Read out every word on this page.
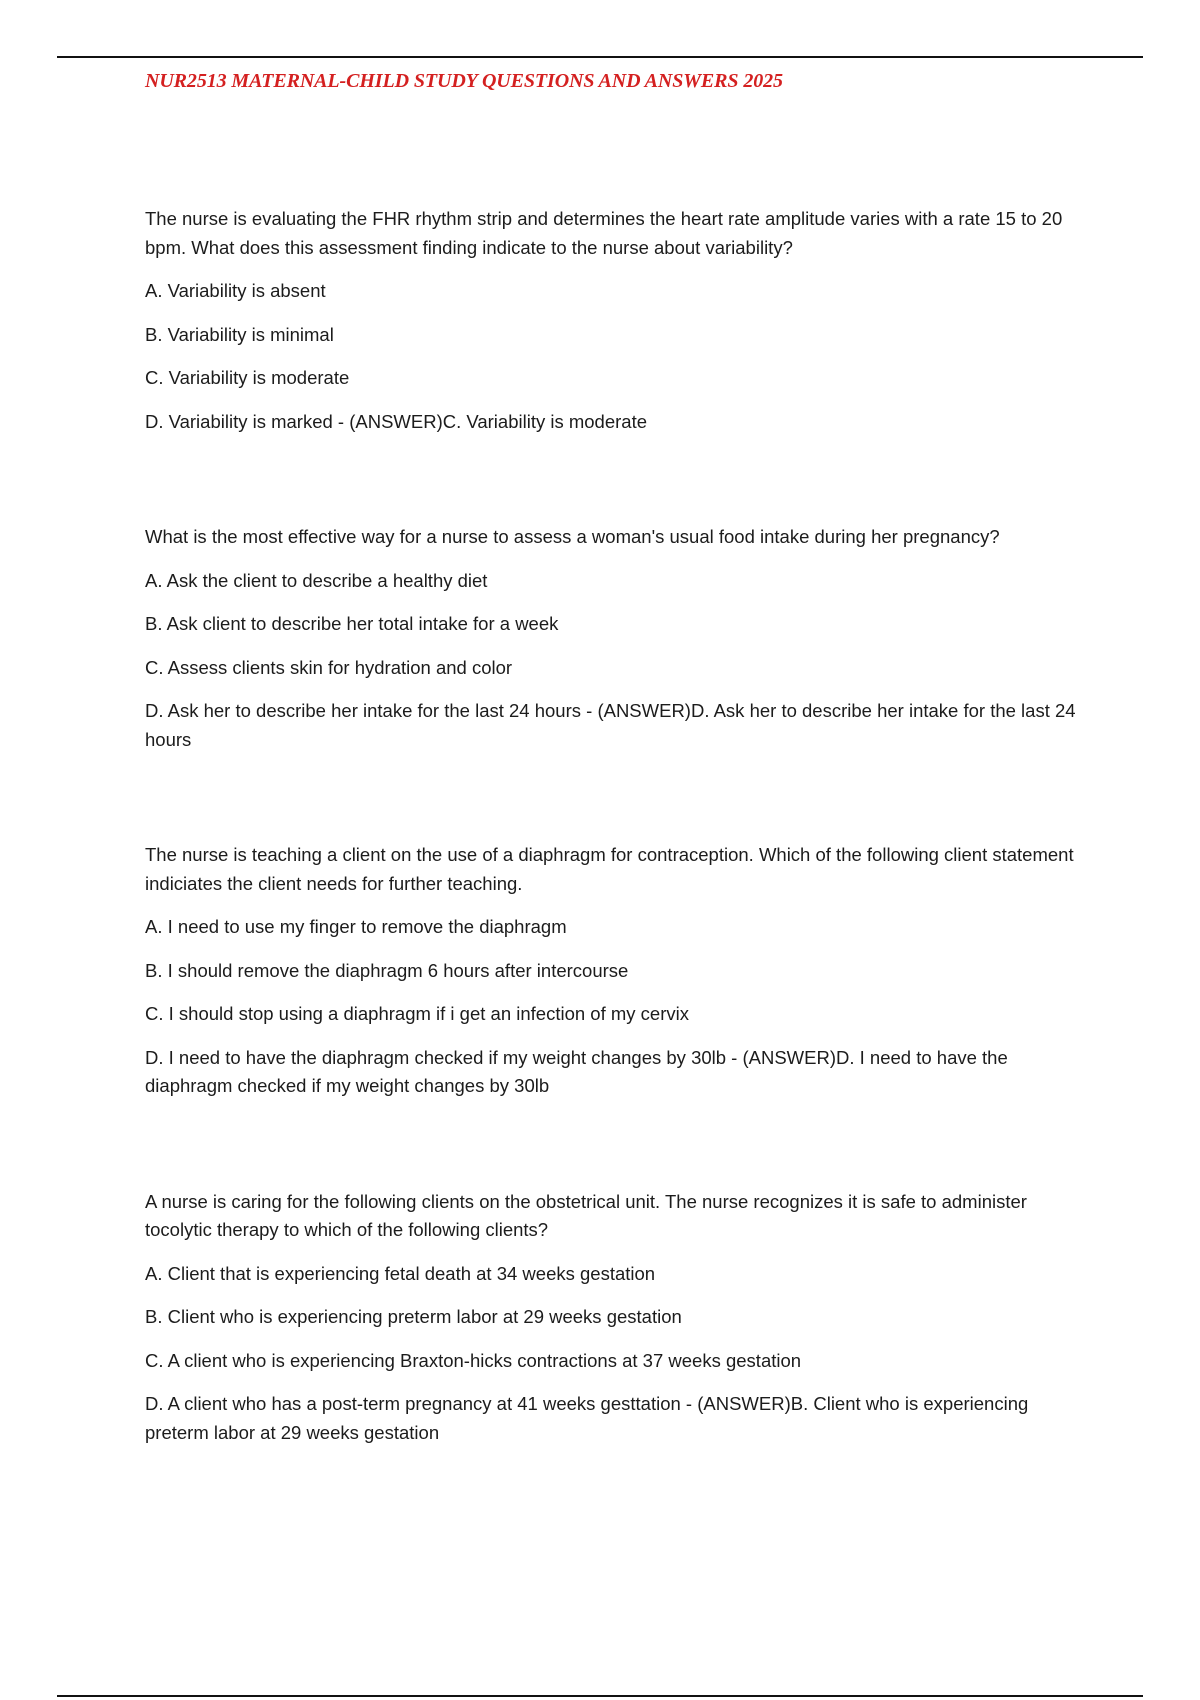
NUR2513 MATERNAL-CHILD STUDY QUESTIONS AND ANSWERS 2025

The nurse is evaluating the FHR rhythm strip and determines the heart rate amplitude varies with a rate 15 to 20 bpm. What does this assessment finding indicate to the nurse about variability?

A. Variability is absent

B. Variability is minimal

C. Variability is moderate

D. Variability is marked - (ANSWER)C. Variability is moderate

What is the most effective way for a nurse to assess a woman's usual food intake during her pregnancy?

A. Ask the client to describe a healthy diet

B. Ask client to describe her total intake for a week

C. Assess clients skin for hydration and color

D. Ask her to describe her intake for the last 24 hours - (ANSWER)D. Ask her to describe her intake for the last 24 hours

The nurse is teaching a client on the use of a diaphragm for contraception. Which of the following client statement indiciates the client needs for further teaching.

A. I need to use my finger to remove the diaphragm

B. I should remove the diaphragm 6 hours after intercourse

C. I should stop using a diaphragm if i get an infection of my cervix

D. I need to have the diaphragm checked if my weight changes by 30lb - (ANSWER)D. I need to have the diaphragm checked if my weight changes by 30lb

A nurse is caring for the following clients on the obstetrical unit. The nurse recognizes it is safe to administer tocolytic therapy to which of the following clients?

A. Client that is experiencing fetal death at 34 weeks gestation

B. Client who is experiencing preterm labor at 29 weeks gestation

C. A client who is experiencing Braxton-hicks contractions at 37 weeks gestation

D. A client who has a post-term pregnancy at 41 weeks gesttation - (ANSWER)B. Client who is experiencing preterm labor at 29 weeks gestation
